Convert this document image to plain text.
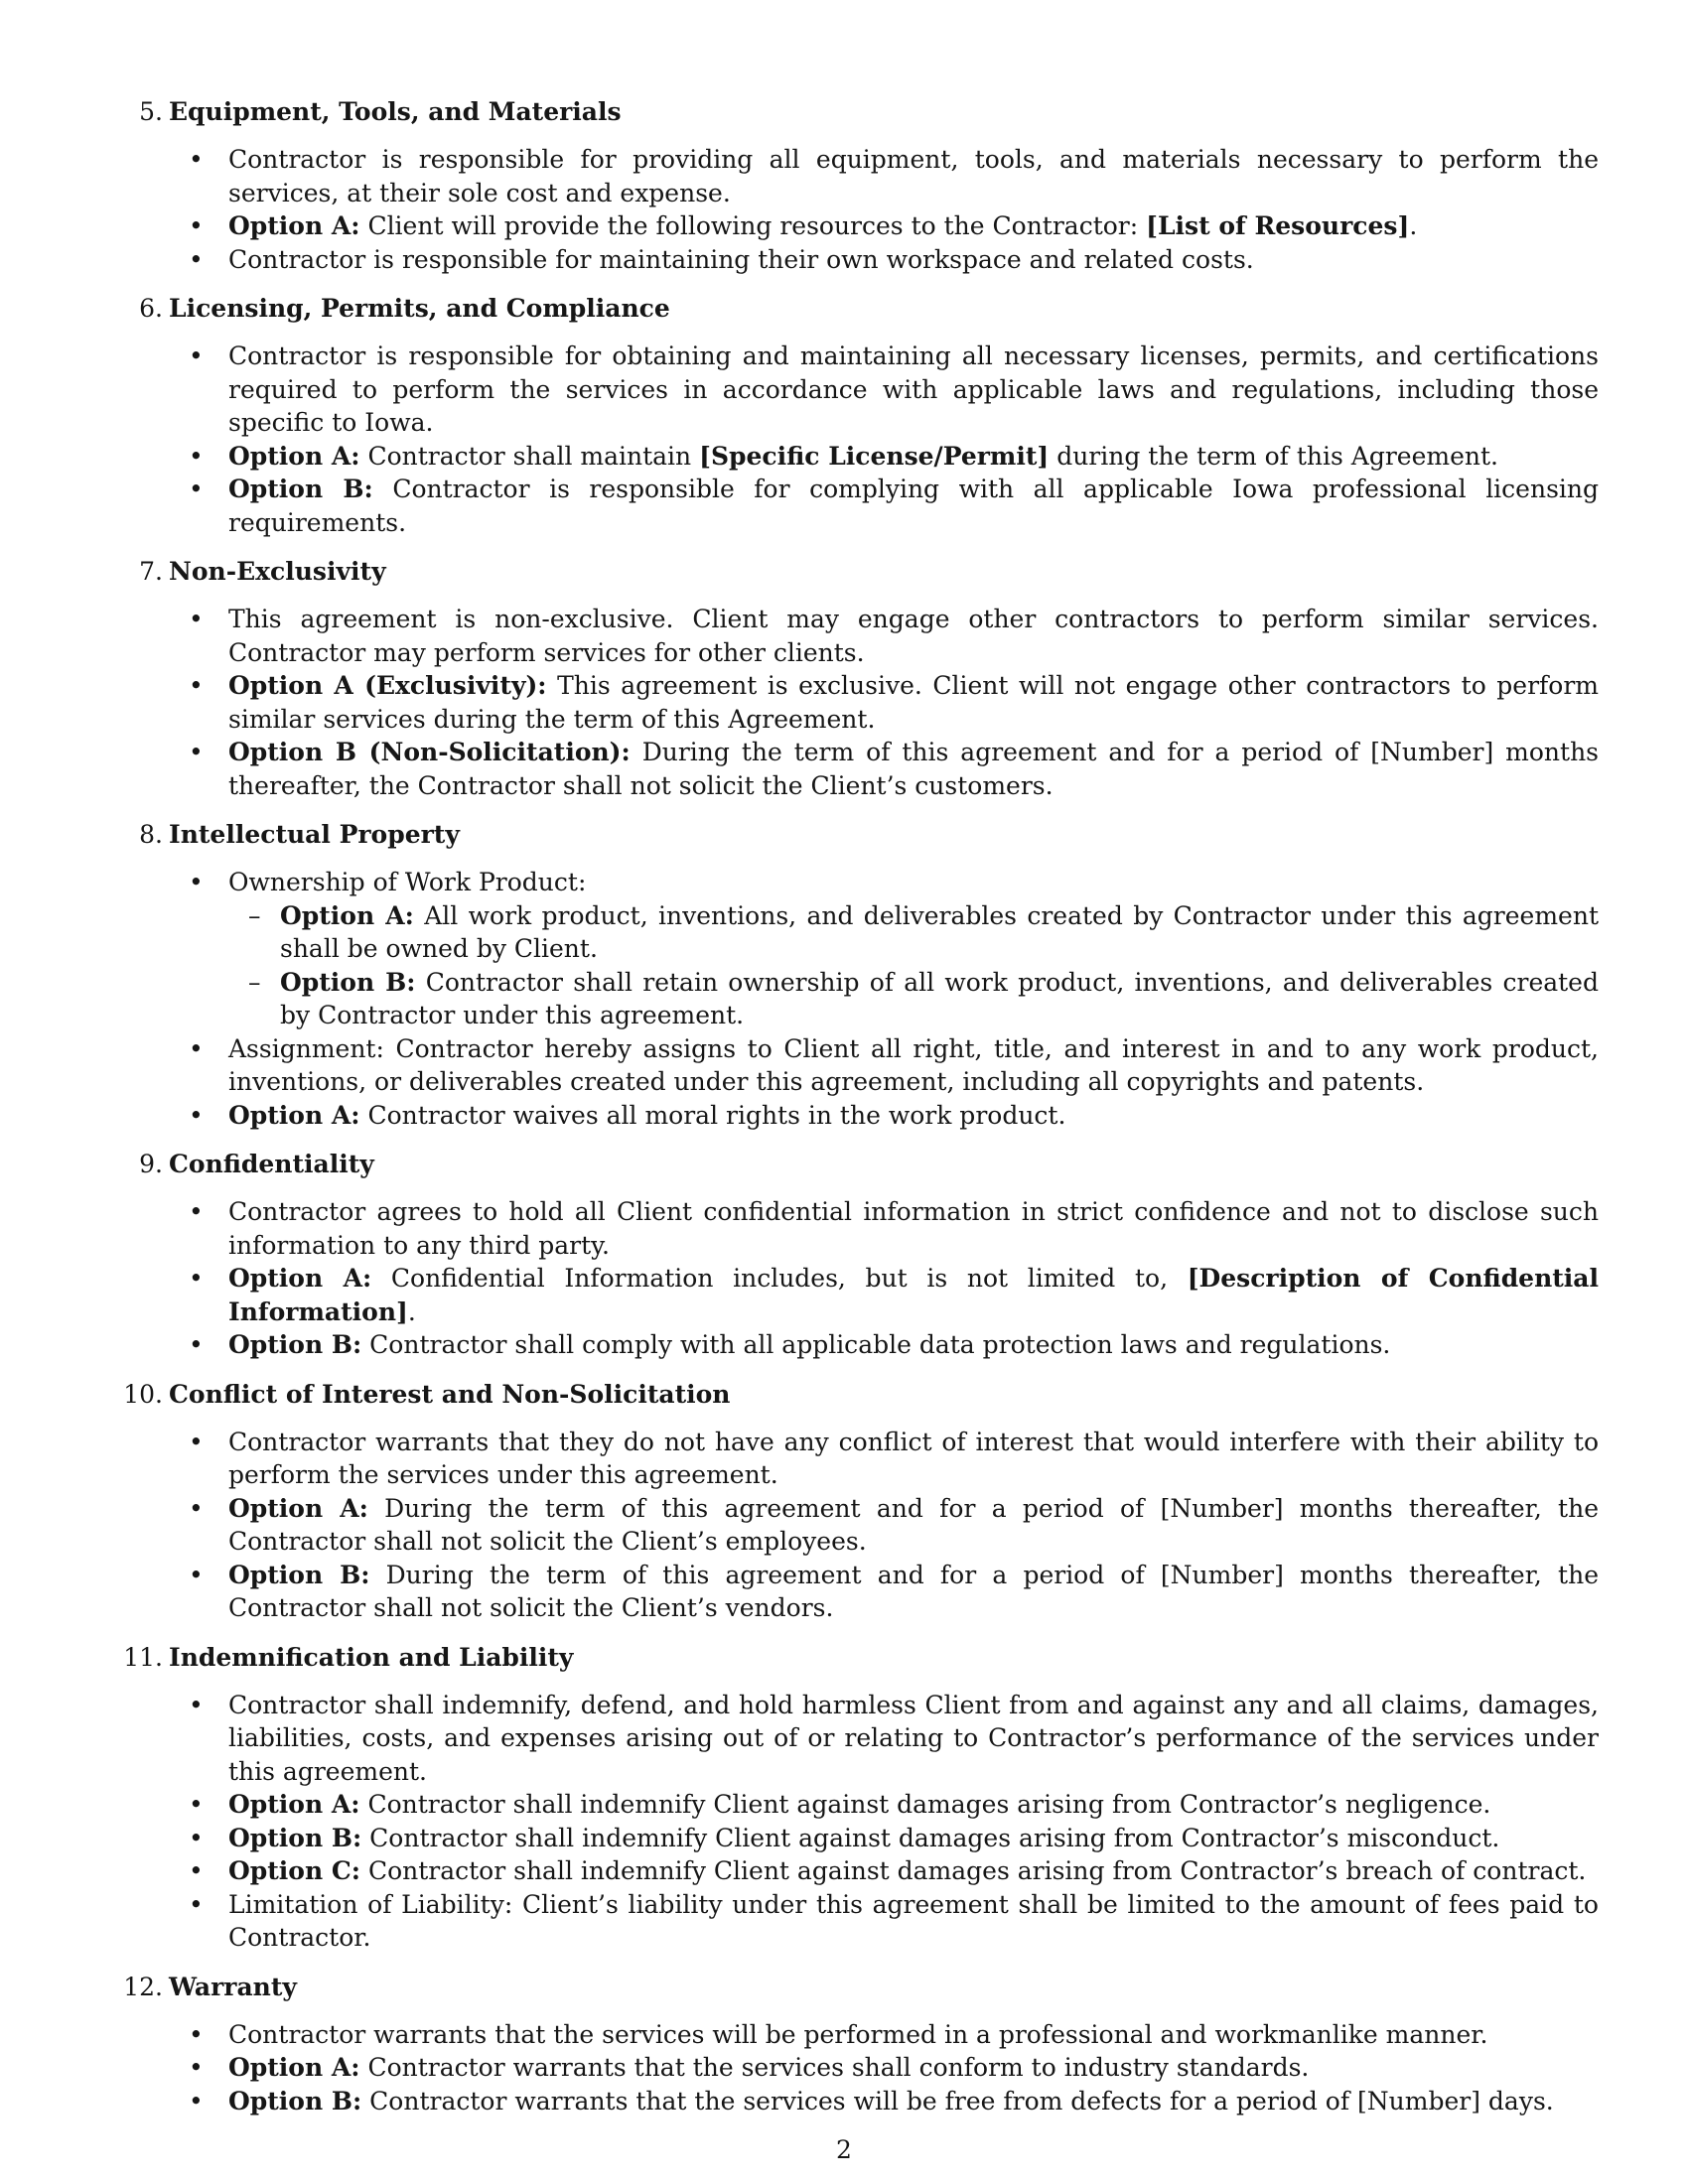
5. Equipment, Tools, and Materials
• Contractor is responsible for providing all equipment, tools, and materials necessary to perform the services, at their sole cost and expense.
• Option A: Client will provide the following resources to the Contractor: [List of Resources].
• Contractor is responsible for maintaining their own workspace and related costs.
6. Licensing, Permits, and Compliance
• Contractor is responsible for obtaining and maintaining all necessary licenses, permits, and certifications required to perform the services in accordance with applicable laws and regulations, including those specific to Iowa.
• Option A: Contractor shall maintain [Specific License/Permit] during the term of this Agreement.
• Option B: Contractor is responsible for complying with all applicable Iowa professional licensing requirements.
7. Non-Exclusivity
• This agreement is non-exclusive. Client may engage other contractors to perform similar services. Contractor may perform services for other clients.
• Option A (Exclusivity): This agreement is exclusive. Client will not engage other contractors to perform similar services during the term of this Agreement.
• Option B (Non-Solicitation): During the term of this agreement and for a period of [Number] months thereafter, the Contractor shall not solicit the Client’s customers.
8. Intellectual Property
• Ownership of Work Product:
– Option A: All work product, inventions, and deliverables created by Contractor under this agreement shall be owned by Client.
– Option B: Contractor shall retain ownership of all work product, inventions, and deliverables created by Contractor under this agreement.
• Assignment: Contractor hereby assigns to Client all right, title, and interest in and to any work product, inventions, or deliverables created under this agreement, including all copyrights and patents.
• Option A: Contractor waives all moral rights in the work product.
9. Confidentiality
• Contractor agrees to hold all Client confidential information in strict confidence and not to disclose such information to any third party.
• Option A: Confidential Information includes, but is not limited to, [Description of Confidential Information].
• Option B: Contractor shall comply with all applicable data protection laws and regulations.
10. Conflict of Interest and Non-Solicitation
• Contractor warrants that they do not have any conflict of interest that would interfere with their ability to perform the services under this agreement.
• Option A: During the term of this agreement and for a period of [Number] months thereafter, the Contractor shall not solicit the Client’s employees.
• Option B: During the term of this agreement and for a period of [Number] months thereafter, the Contractor shall not solicit the Client’s vendors.
11. Indemnification and Liability
• Contractor shall indemnify, defend, and hold harmless Client from and against any and all claims, damages, liabilities, costs, and expenses arising out of or relating to Contractor’s performance of the services under this agreement.
• Option A: Contractor shall indemnify Client against damages arising from Contractor’s negligence.
• Option B: Contractor shall indemnify Client against damages arising from Contractor’s misconduct.
• Option C: Contractor shall indemnify Client against damages arising from Contractor’s breach of contract.
• Limitation of Liability: Client’s liability under this agreement shall be limited to the amount of fees paid to Contractor.
12. Warranty
• Contractor warrants that the services will be performed in a professional and workmanlike manner.
• Option A: Contractor warrants that the services shall conform to industry standards.
• Option B: Contractor warrants that the services will be free from defects for a period of [Number] days.
2
